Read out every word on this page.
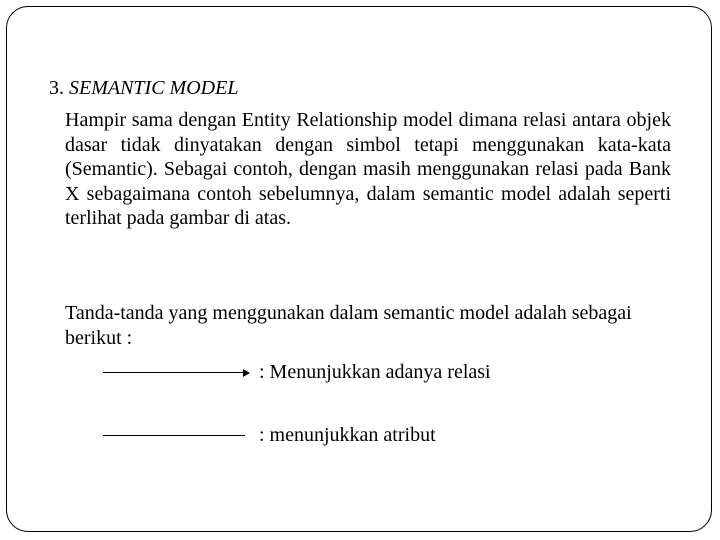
3. SEMANTIC MODEL
Hampir sama dengan Entity Relationship model dimana relasi antara objek dasar tidak dinyatakan dengan simbol tetapi menggunakan kata-kata (Semantic). Sebagai contoh, dengan masih menggunakan relasi pada Bank X sebagaimana contoh sebelumnya, dalam semantic model adalah seperti terlihat pada gambar di atas.
Tanda-tanda yang menggunakan dalam semantic model adalah sebagai berikut :
: Menunjukkan adanya relasi
: menunjukkan atribut
